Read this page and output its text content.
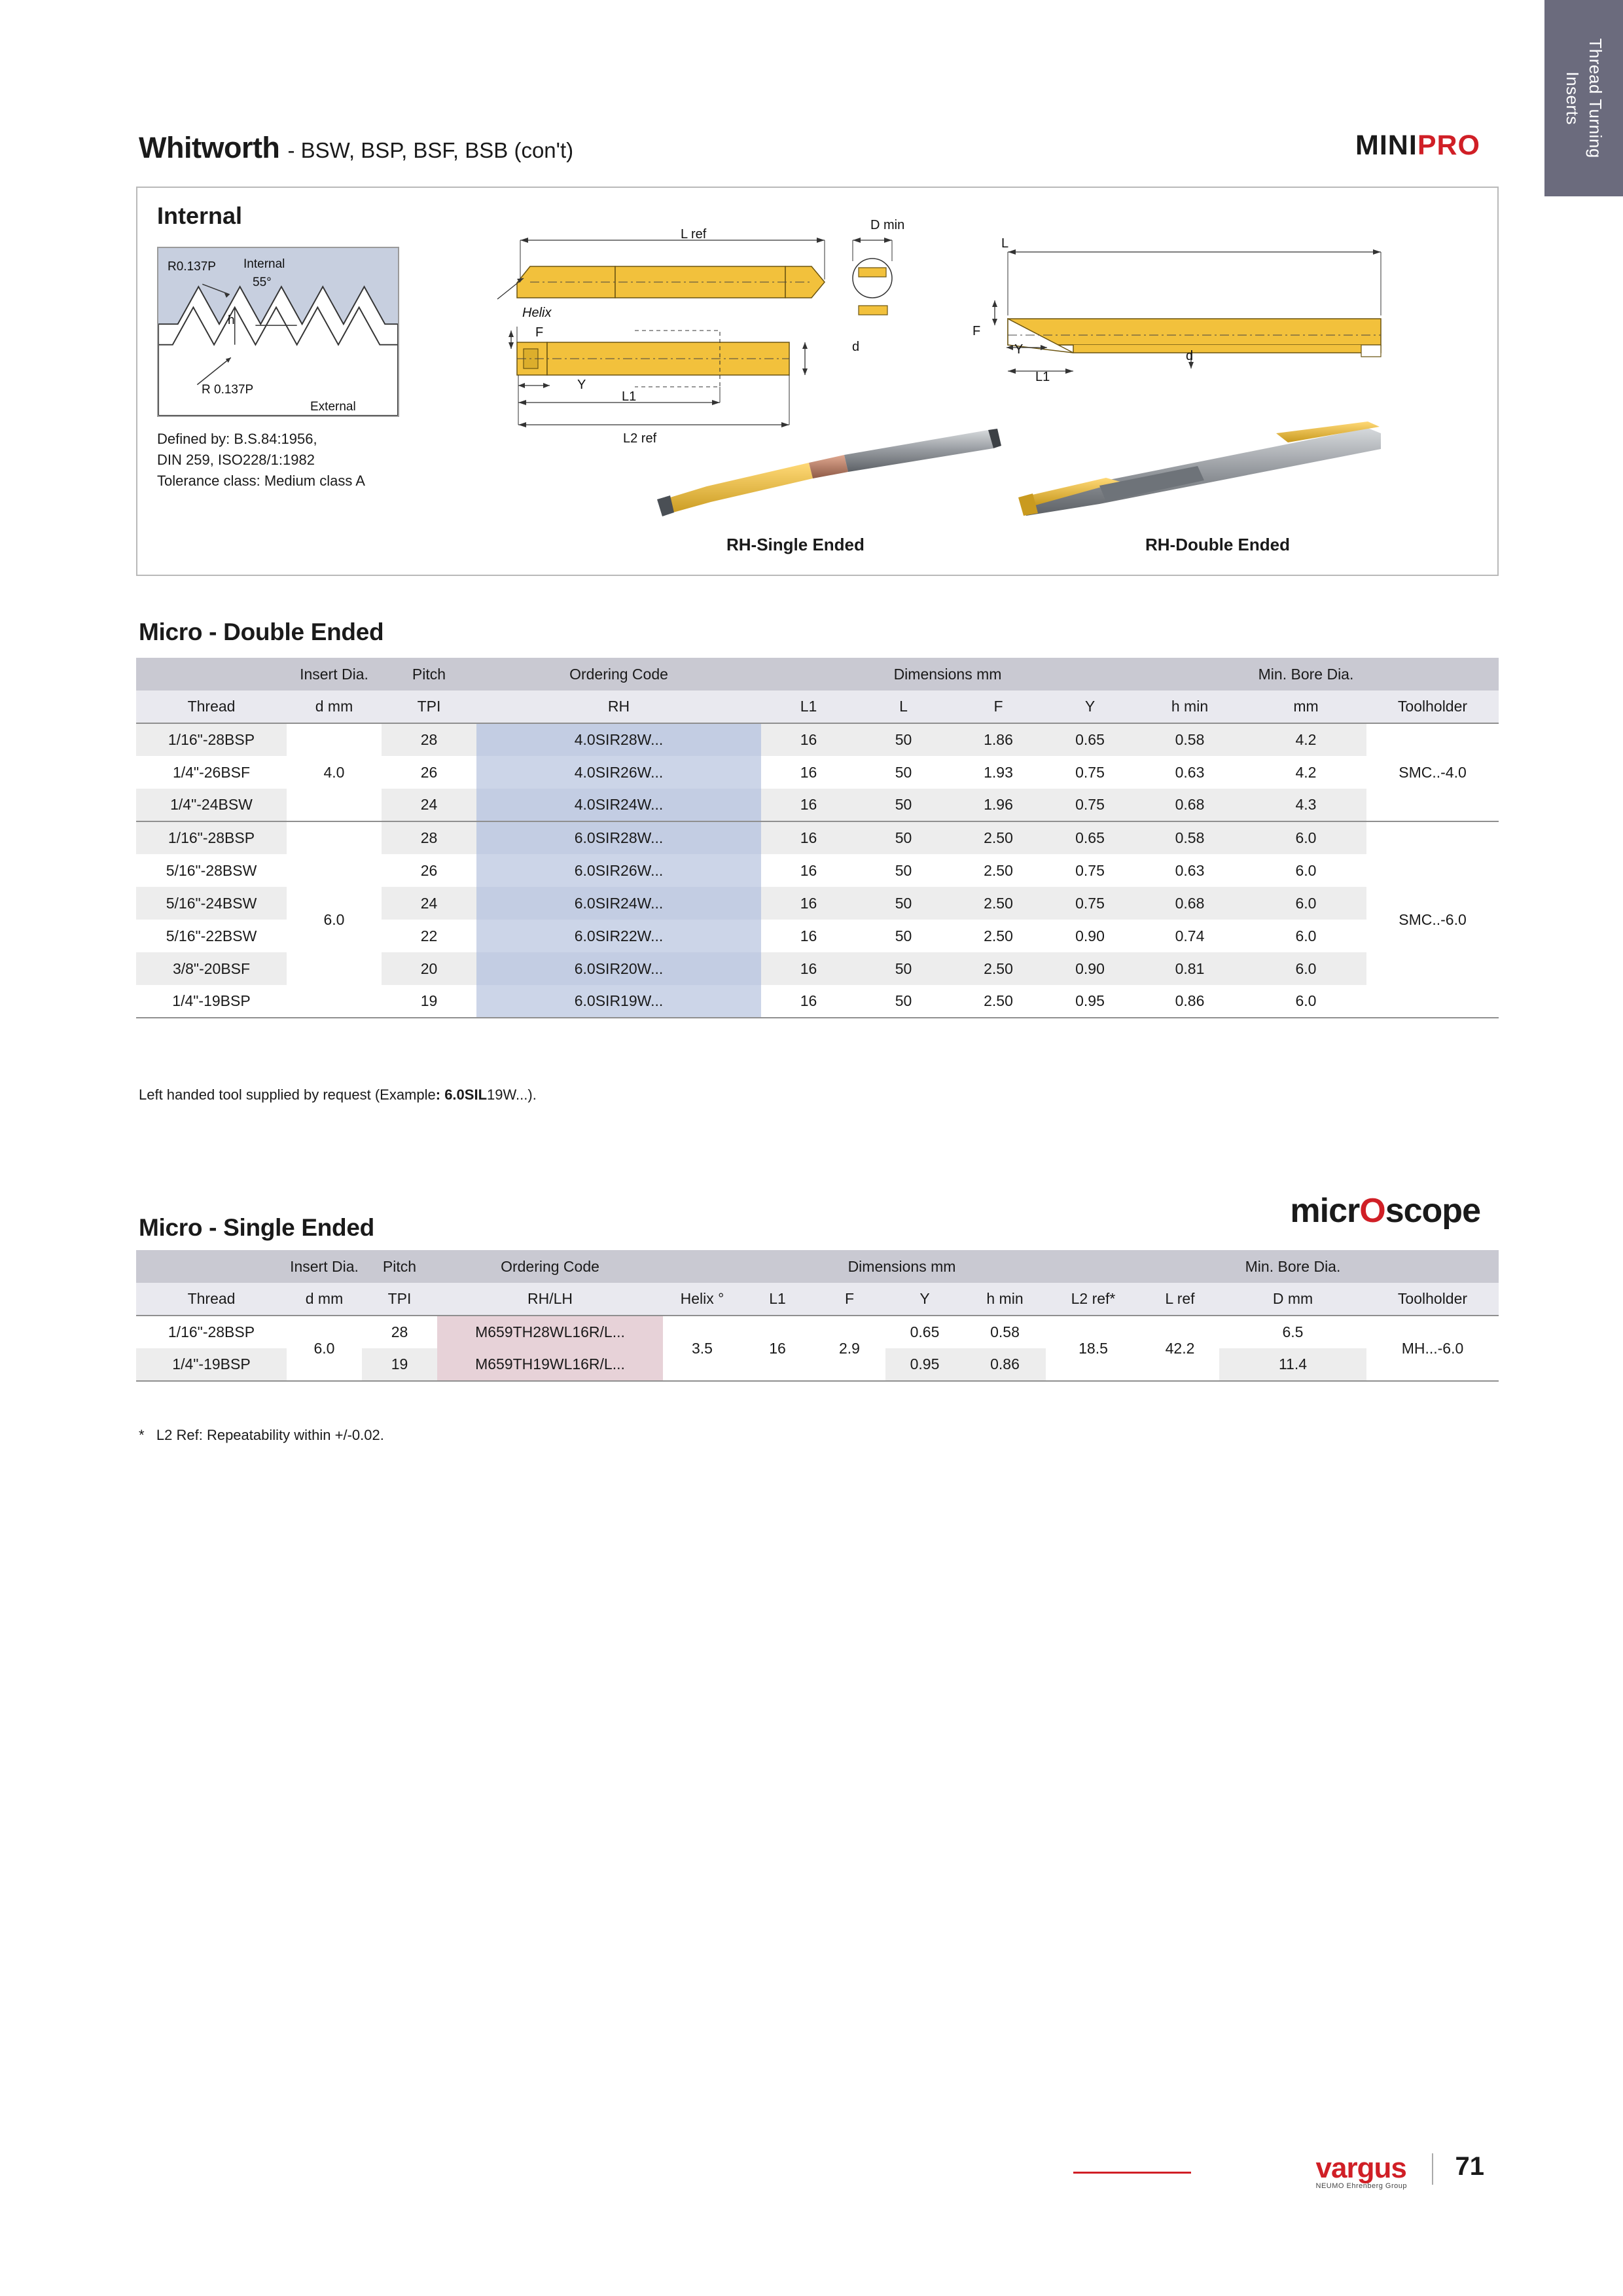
Thread Turning
Inserts
Whitworth - BSW, BSP, BSF, BSB (con't)	MINIPRO
Internal
R0.137P Internal
55°
h
R 0.137P
External
Defined by: B.S.84:1956,
DIN 259, ISO228/1:1982
Tolerance class: Medium class A
L ref
D min
Helix
F
Y
d
L1
L2 ref
L
F
Y
L1
d
RH-Single Ended	RH-Double Ended
Micro - Double Ended
	Insert Dia.	Pitch	Ordering Code	Dimensions mm					Min. Bore Dia.	
Thread	d mm	TPI	RH	L1	L	F	Y	h min	mm	Toolholder
1/16"-28BSP	4.0	28	4.0SIR28W...	16	50	1.86	0.65	0.58	4.2	SMC..-4.0
1/4"-26BSF		26	4.0SIR26W...	16	50	1.93	0.75	0.63	4.2	
1/4"-24BSW		24	4.0SIR24W...	16	50	1.96	0.75	0.68	4.3	
1/16"-28BSP	6.0	28	6.0SIR28W...	16	50	2.50	0.65	0.58	6.0	SMC..-6.0
5/16"-28BSW		26	6.0SIR26W...	16	50	2.50	0.75	0.63	6.0	
5/16"-24BSW		24	6.0SIR24W...	16	50	2.50	0.75	0.68	6.0	
5/16"-22BSW		22	6.0SIR22W...	16	50	2.50	0.90	0.74	6.0	
3/8"-20BSF		20	6.0SIR20W...	16	50	2.50	0.90	0.81	6.0	
1/4"-19BSP		19	6.0SIR19W...	16	50	2.50	0.95	0.86	6.0	
Left handed tool supplied by request (Example: 6.0SIL19W...).
Micro - Single Ended	micrOscope
	Insert Dia.	Pitch	Ordering Code	Dimensions mm							Min. Bore Dia.	
Thread	d mm	TPI	RH/LH	Helix °	L1	F	Y	h min	L2 ref*	L ref	D mm	Toolholder
1/16"-28BSP	6.0	28	M659TH28WL16R/L...	3.5	16	2.9	0.65	0.58	18.5	42.2	6.5	MH...-6.0
1/4"-19BSP		19	M659TH19WL16R/L...				0.95	0.86			11.4	
* L2 Ref: Repeatability within +/-0.02.
vargus
NEUMO Ehrenberg Group
71
